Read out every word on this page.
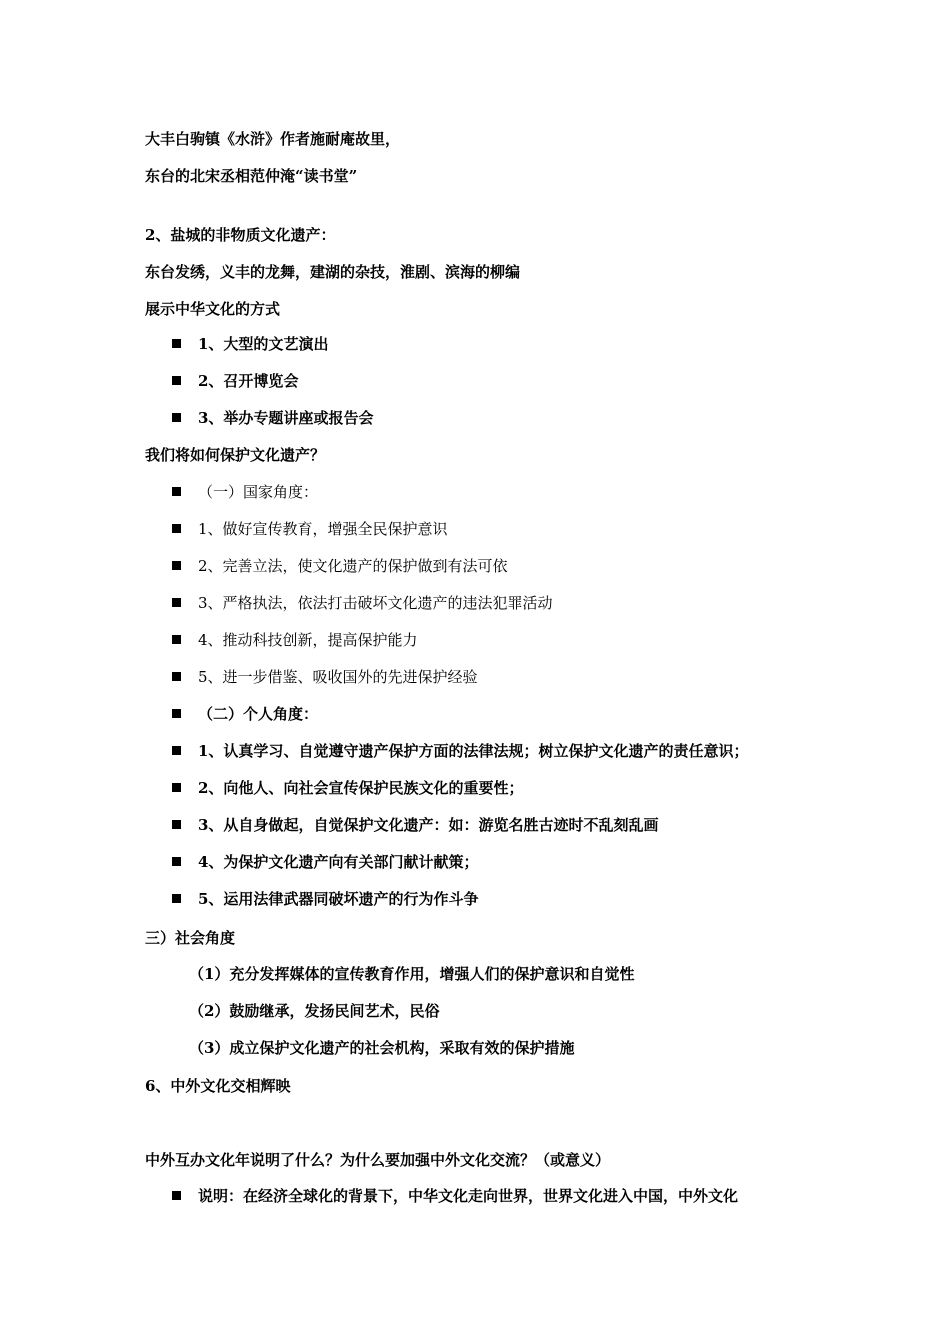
大丰白驹镇《水浒》作者施耐庵故里，
东台的北宋丞相范仲淹“读书堂”
2、盐城的非物质文化遗产：
东台发绣，义丰的龙舞，建湖的杂技，淮剧、滨海的柳编
展示中华文化的方式
1、大型的文艺演出
2、召开博览会
3、举办专题讲座或报告会
我们将如何保护文化遗产？
（一）国家角度：
1、做好宣传教育，增强全民保护意识
2、完善立法，使文化遗产的保护做到有法可依
3、严格执法，依法打击破坏文化遗产的违法犯罪活动
4、推动科技创新，提高保护能力
5、进一步借鉴、吸收国外的先进保护经验
（二）个人角度：
1、认真学习、自觉遵守遗产保护方面的法律法规；树立保护文化遗产的责任意识；
2、向他人、向社会宣传保护民族文化的重要性；
3、从自身做起，自觉保护文化遗产：如：游览名胜古迹时不乱刻乱画
4、为保护文化遗产向有关部门献计献策；
5、运用法律武器同破坏遗产的行为作斗争
三）社会角度
（1）充分发挥媒体的宣传教育作用，增强人们的保护意识和自觉性
（2）鼓励继承，发扬民间艺术，民俗
（3）成立保护文化遗产的社会机构，采取有效的保护措施
6、中外文化交相辉映
中外互办文化年说明了什么？为什么要加强中外文化交流？（或意义）
说明：在经济全球化的背景下，中华文化走向世界，世界文化进入中国，中外文化
